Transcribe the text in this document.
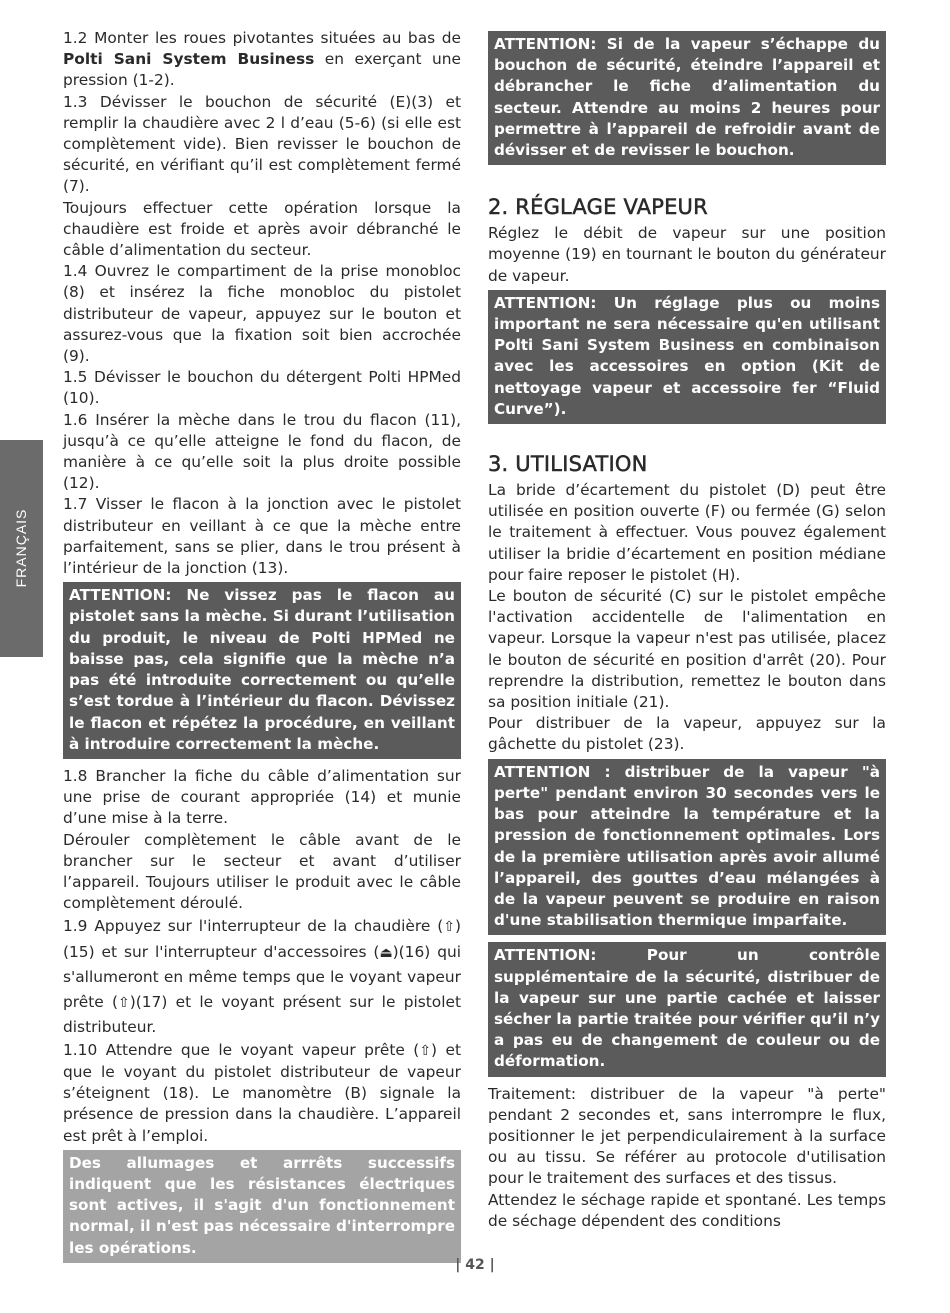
FRANÇAIS

1.2 Monter les roues pivotantes situées au bas de Polti Sani System Business en exerçant une pression (1-2).

1.3 Dévisser le bouchon de sécurité (E)(3) et remplir la chaudière avec 2 l d’eau (5-6) (si elle est complètement vide). Bien revisser le bouchon de sécurité, en vérifiant qu’il est complètement fermé (7).

Toujours effectuer cette opération lorsque la chaudière est froide et après avoir débranché le câble d’alimentation du secteur.

1.4 Ouvrez le compartiment de la prise monobloc (8) et insérez la fiche monobloc du pistolet distributeur de vapeur, appuyez sur le bouton et assurez-vous que la fixation soit bien accrochée (9).

1.5 Dévisser le bouchon du détergent Polti HPMed (10).

1.6 Insérer la mèche dans le trou du flacon (11), jusqu’à ce qu’elle atteigne le fond du flacon, de manière à ce qu’elle soit la plus droite possible (12).

1.7 Visser le flacon à la jonction avec le pistolet distributeur en veillant à ce que la mèche entre parfaitement, sans se plier, dans le trou présent à l’intérieur de la jonction (13).

ATTENTION: Ne vissez pas le flacon au pistolet sans la mèche. Si durant l’utilisation du produit, le niveau de Polti HPMed ne baisse pas, cela signifie que la mèche n’a pas été introduite correctement ou qu’elle s’est tordue à l’intérieur du flacon. Dévissez le flacon et répétez la procédure, en veillant à introduire correctement la mèche.

1.8 Brancher la fiche du câble d’alimentation sur une prise de courant appropriée (14) et munie d’une mise à la terre.

Dérouler complètement le câble avant de le brancher sur le secteur et avant d’utiliser l’appareil. Toujours utiliser le produit avec le câble complètement déroulé.

1.9 Appuyez sur l'interrupteur de la chaudière (⇧)(15) et sur l'interrupteur d'accessoires (⏏)(16) qui s'allumeront en même temps que le voyant vapeur prête (⇧)(17) et le voyant présent sur le pistolet distributeur.

1.10 Attendre que le voyant vapeur prête (⇧) et que le voyant du pistolet distributeur de vapeur s’éteignent (18). Le manomètre (B) signale la présence de pression dans la chaudière. L’appareil est prêt à l’emploi.

Des allumages et arrrêts successifs indiquent que les résistances électriques sont actives, il s'agit d'un fonctionnement normal, il n'est pas nécessaire d'interrompre les opérations.
ATTENTION: Si de la vapeur s’échappe du bouchon de sécurité, éteindre l’appareil et débrancher le fiche d’alimentation du secteur. Attendre au moins 2 heures pour permettre à l’appareil de refroidir avant de dévisser et de revisser le bouchon.
2. RÉGLAGE VAPEUR

Réglez le débit de vapeur sur une position moyenne (19) en tournant le bouton du générateur de vapeur.

ATTENTION: Un réglage plus ou moins important ne sera nécessaire qu'en utilisant Polti Sani System Business en combinaison avec les accessoires en option (Kit de nettoyage vapeur et accessoire fer “Fluid Curve”).
3. UTILISATION

La bride d’écartement du pistolet (D) peut être utilisée en position ouverte (F) ou fermée (G) selon le traitement à effectuer. Vous pouvez également utiliser la bridie d’écartement en position médiane pour faire reposer le pistolet (H).

Le bouton de sécurité (C) sur le pistolet empêche l'activation accidentelle de l'alimentation en vapeur. Lorsque la vapeur n'est pas utilisée, placez le bouton de sécurité en position d'arrêt (20). Pour reprendre la distribution, remettez le bouton dans sa position initiale (21).

Pour distribuer de la vapeur, appuyez sur la gâchette du pistolet (23).

ATTENTION : distribuer de la vapeur "à perte" pendant environ 30 secondes vers le bas pour atteindre la température et la pression de fonctionnement optimales. Lors de la première utilisation après avoir allumé l’appareil, des gouttes d’eau mélangées à de la vapeur peuvent se produire en raison d'une stabilisation thermique imparfaite.
ATTENTION: Pour un contrôle supplémentaire de la sécurité, distribuer de la vapeur sur une partie cachée et laisser sécher la partie traitée pour vérifier qu’il n’y a pas eu de changement de couleur ou de déformation.

Traitement: distribuer de la vapeur "à perte" pendant 2 secondes et, sans interrompre le flux, positionner le jet perpendiculairement à la surface ou au tissu. Se référer au protocole d'utilisation pour le traitement des surfaces et des tissus.

Attendez le séchage rapide et spontané. Les temps de séchage dépendent des conditions

| 42 |
